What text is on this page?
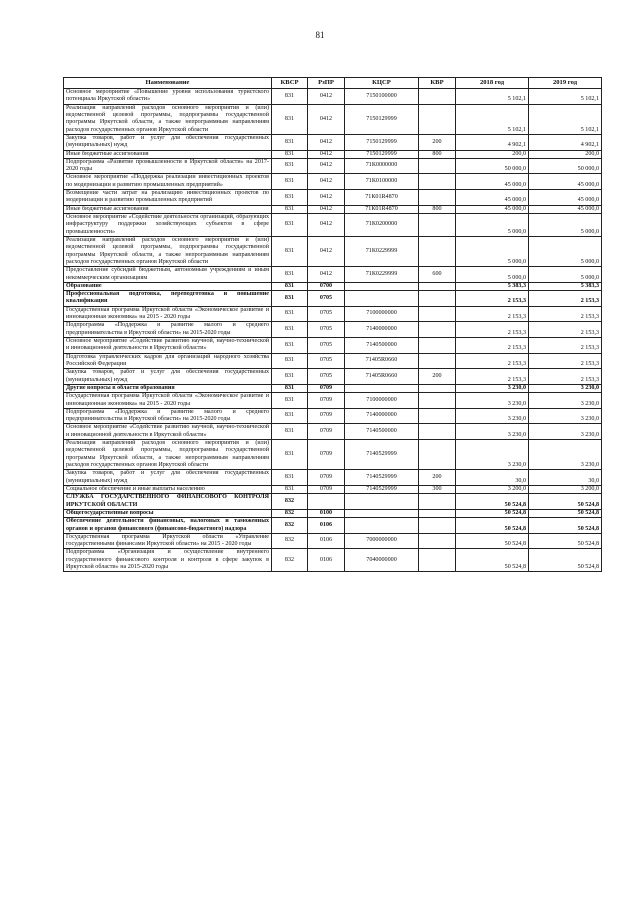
81
Наименование	КВСР	РзПР	КЦСР	КВР	2018 год	2019 год
Основное мероприятие «Повышение уровня использования туристского потенциала Иркутской области»	831	0412	7150100000		5 102,1	5 102,1
Реализация направлений расходов основного мероприятия и (или) ведомственной целевой программы, подпрограммы государственной программы Иркутской области, а также непрограммным направлениям расходов государственных органов Иркутской области	831	0412	7150129999		5 102,1	5 102,1
Закупка товаров, работ и услуг для обеспечения государственных (муниципальных) нужд	831	0412	7150129999	200	4 902,1	4 902,1
Иные бюджетные ассигнования	831	0412	7150129999	800	200,0	200,0
Подпрограмма «Развитие промышленности в Иркутской области» на 2017-2020 годы	831	0412	71К0000000		50 000,0	50 000,0
Основное мероприятие «Поддержка реализации инвестиционных проектов по модернизации и развитию промышленных предприятий»	831	0412	71К0100000		45 000,0	45 000,0
Возмещение части затрат на реализацию инвестиционных проектов по модернизации и развитию промышленных предприятий	831	0412	71К01R4870		45 000,0	45 000,0
Иные бюджетные ассигнования	831	0412	71К01R4870	800	45 000,0	45 000,0
Основное мероприятие «Содействие деятельности организаций, образующих инфраструктуру поддержки хозяйствующих субъектов в сфере промышленности»	831	0412	71К0200000		5 000,0	5 000,0
Реализация направлений расходов основного мероприятия и (или) ведомственной целевой программы, подпрограммы государственной программы Иркутской области, а также непрограммным направлениям расходов государственных органов Иркутской области	831	0412	71К0229999		5 000,0	5 000,0
Предоставление субсидий бюджетным, автономным учреждениям и иным некоммерческим организациям	831	0412	71К0229999	600	5 000,0	5 000,0
Образование	831	0700			5 383,3	5 383,3
Профессиональная подготовка, переподготовка и повышение квалификации	831	0705			2 153,3	2 153,3
Государственная программа Иркутской области «Экономическое развитие и инновационная экономика» на 2015 - 2020 годы	831	0705	7100000000		2 153,3	2 153,3
Подпрограмма «Поддержка и развитие малого и среднего предпринимательства в Иркутской области» на 2015-2020 годы	831	0705	7140000000		2 153,3	2 153,3
Основное мероприятие «Содействие развитию научной, научно-технической и инновационной деятельности в Иркутской области»	831	0705	7140500000		2 153,3	2 153,3
Подготовка управленческих кадров для организаций народного хозяйства Российской Федерации	831	0705	71405R0660		2 153,3	2 153,3
Закупка товаров, работ и услуг для обеспечения государственных (муниципальных) нужд	831	0705	71405R0660	200	2 153,3	2 153,3
Другие вопросы в области образования	831	0709			3 230,0	3 230,0
Государственная программа Иркутской области «Экономическое развитие и инновационная экономика» на 2015 - 2020 годы	831	0709	7100000000		3 230,0	3 230,0
Подпрограмма «Поддержка и развитие малого и среднего предпринимательства в Иркутской области» на 2015-2020 годы	831	0709	7140000000		3 230,0	3 230,0
Основное мероприятие «Содействие развитию научной, научно-технической и инновационной деятельности в Иркутской области»	831	0709	7140500000		3 230,0	3 230,0
Реализация направлений расходов основного мероприятия и (или) ведомственной целевой программы, подпрограммы государственной программы Иркутской области, а также непрограммным направлениям расходов государственных органов Иркутской области	831	0709	7140529999		3 230,0	3 230,0
Закупка товаров, работ и услуг для обеспечения государственных (муниципальных) нужд	831	0709	7140529999	200	30,0	30,0
Социальное обеспечение и иные выплаты населению	831	0709	7140529999	300	3 200,0	3 200,0
СЛУЖБА ГОСУДАРСТВЕННОГО ФИНАНСОВОГО КОНТРОЛЯ ИРКУТСКОЙ ОБЛАСТИ	832				50 524,8	50 524,8
Общегосударственные вопросы	832	0100			50 524,8	50 524,8
Обеспечение деятельности финансовых, налоговых и таможенных органов и органов финансового (финансово-бюджетного) надзора	832	0106			50 524,8	50 524,8
Государственная программа Иркутской области «Управление государственными финансами Иркутской области» на 2015 - 2020 годы	832	0106	7000000000		50 524,8	50 524,8
Подпрограмма «Организация и осуществление внутреннего государственного финансового контроля и контроля в сфере закупок в Иркутской области» на 2015-2020 годы	832	0106	7040000000		50 524,8	50 524,8
